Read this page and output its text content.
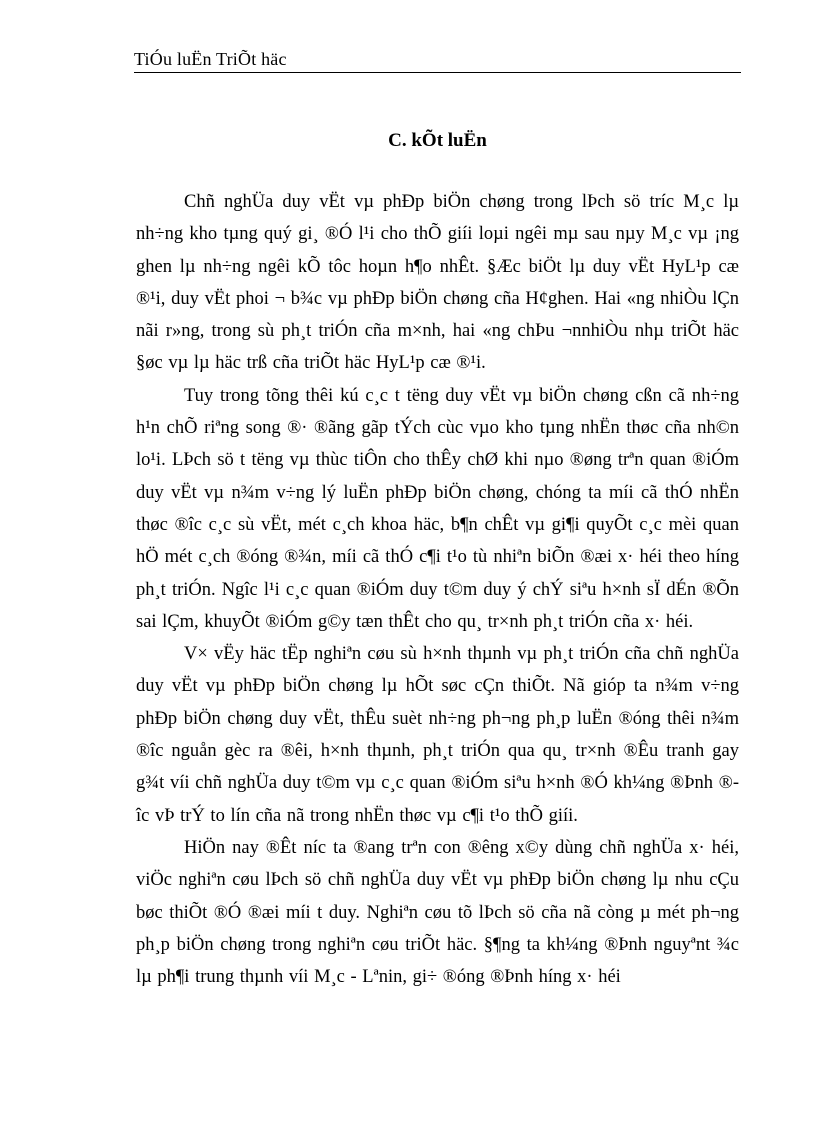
TiÓu luËn TriÕt häc
C. kÕt luËn

Chñ nghÜa duy vËt vµ phÐp biÖn chøng trong lÞch sö tríc M¸c lµ nh÷ng kho tµng quý gi¸ ®Ó l¹i cho thÕ giíi loµi ngêi mµ sau nµy M¸c vµ ¡ng ghen lµ nh÷ng ngêi kÕ tôc hoµn h¶o nhÊt. §Æc biÖt lµ duy vËt HyL¹p cæ ®¹i, duy vËt phoi ¬ b¾c vµ phÐp biÖn chøng cña H¢ghen. Hai «ng nhiÒu lÇn nãi r»ng, trong sù ph¸t triÓn cña m×nh, hai «ng chÞu ¬nnhiÒu nhµ triÕt häc §øc vµ lµ häc trß cña triÕt häc HyL¹p cæ ®¹i.

Tuy trong tõng thêi kú c¸c t tëng duy vËt vµ biÖn chøng cßn cã nh÷ng h¹n chÕ riªng song ®· ®ãng gãp tÝch cùc vµo kho tµng nhËn thøc cña nh©n lo¹i. LÞch sö t tëng vµ thùc tiÔn cho thÊy chØ khi nµo ®øng trªn quan ®iÓm duy vËt vµ n¾m v÷ng lý luËn phÐp biÖn chøng, chóng ta míi cã thÓ nhËn thøc ®îc c¸c sù vËt, mét c¸ch khoa häc, b¶n chÊt vµ gi¶i quyÕt c¸c mèi quan hÖ mét c¸ch ®óng ®¾n, míi cã thÓ c¶i t¹o tù nhiªn biÕn ®æi x· héi theo híng ph¸t triÓn. Ngîc l¹i c¸c quan ®iÓm duy t©m duy ý chÝ siªu h×nh sÏ dÉn ®Õn sai lÇm, khuyÕt ®iÓm g©y tæn thÊt cho qu¸ tr×nh ph¸t triÓn cña x· héi.

V× vËy häc tËp nghiªn cøu sù h×nh thµnh vµ ph¸t triÓn cña chñ nghÜa duy vËt vµ phÐp biÖn chøng lµ hÕt søc cÇn thiÕt. Nã gióp ta n¾m v÷ng phÐp biÖn chøng duy vËt, thÊu suèt nh÷ng ph¬ng ph¸p luËn ®óng thêi n¾m ®îc nguån gèc ra ®êi, h×nh thµnh, ph¸t triÓn qua qu¸ tr×nh ®Êu tranh gay g¾t víi chñ nghÜa duy t©m vµ c¸c quan ®iÓm siªu h×nh ®Ó kh¼ng ®Þnh ®îc vÞ trÝ to lín cña nã trong nhËn thøc vµ c¶i t¹o thÕ giíi.

HiÖn nay ®Êt níc ta ®ang trªn con ®êng x©y dùng chñ nghÜa x· héi, viÖc nghiªn cøu lÞch sö chñ nghÜa duy vËt vµ phÐp biÖn chøng lµ nhu cÇu bøc thiÕt ®Ó ®æi míi t duy. Nghiªn cøu tõ lÞch sö cña nã còng µ mét ph¬ng ph¸p biÖn chøng trong nghiªn cøu triÕt häc. §¶ng ta kh¼ng ®Þnh nguyªnt ¾c lµ ph¶i trung thµnh víi M¸c - Lªnin, gi÷ ®óng ®Þnh híng x· héi
